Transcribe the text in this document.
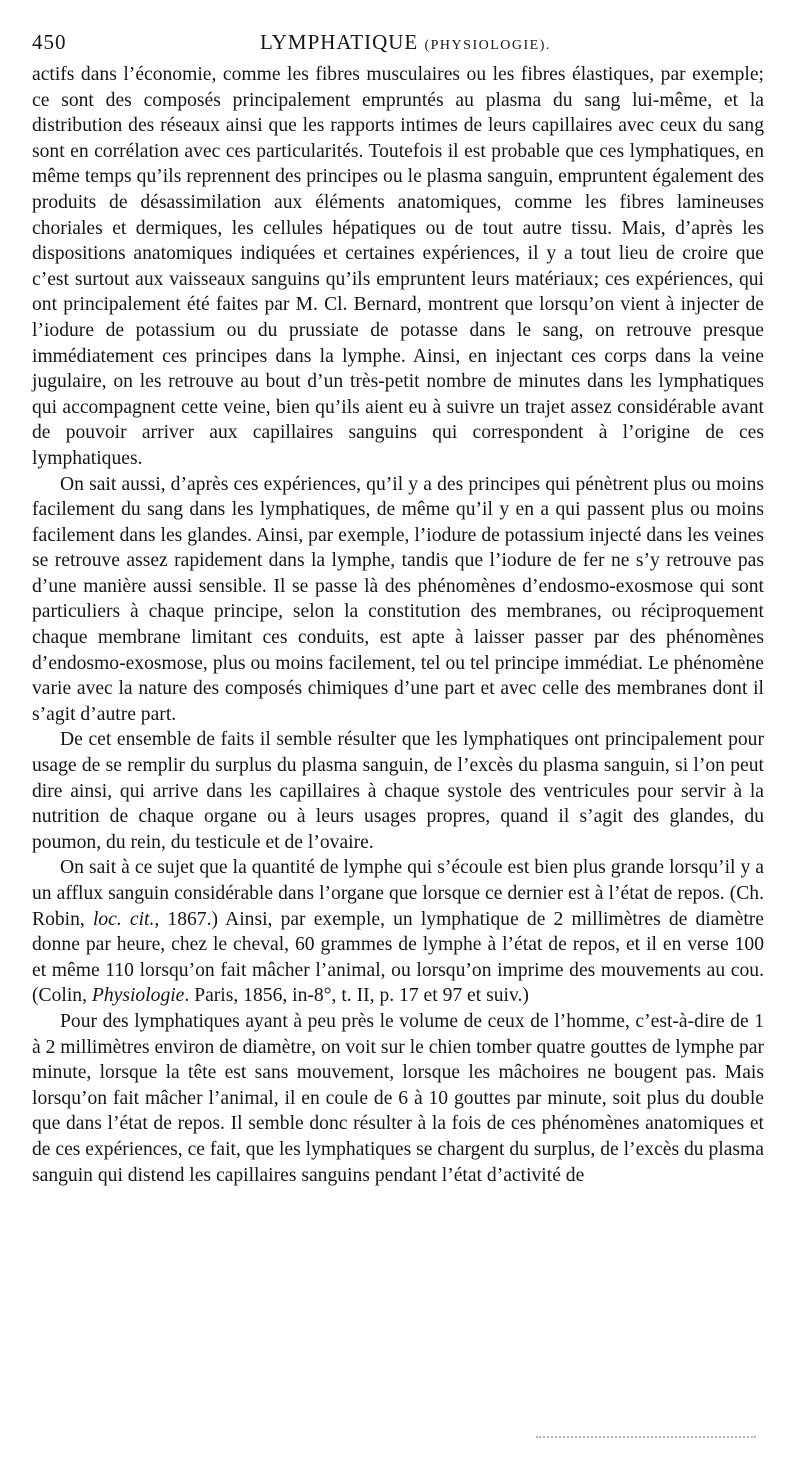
450	LYMPHATIQUE (PHYSIOLOGIE).

actifs dans l’économie, comme les fibres musculaires ou les fibres élastiques, par exemple; ce sont des composés principalement empruntés au plasma du sang lui-même, et la distribution des réseaux ainsi que les rapports intimes de leurs capillaires avec ceux du sang sont en corrélation avec ces particularités. Toutefois il est probable que ces lymphatiques, en même temps qu’ils reprennent des principes ou le plasma sanguin, empruntent également des produits de désassimilation aux éléments anatomiques, comme les fibres lamineuses choriales et dermiques, les cellules hépatiques ou de tout autre tissu. Mais, d’après les dispositions anatomiques indiquées et certaines expériences, il y a tout lieu de croire que c’est surtout aux vaisseaux sanguins qu’ils empruntent leurs matériaux; ces expériences, qui ont principalement été faites par M. Cl. Bernard, montrent que lorsqu’on vient à injecter de l’iodure de potassium ou du prussiate de potasse dans le sang, on retrouve presque immédiatement ces principes dans la lymphe. Ainsi, en injectant ces corps dans la veine jugulaire, on les retrouve au bout d’un très-petit nombre de minutes dans les lymphatiques qui accompagnent cette veine, bien qu’ils aient eu à suivre un trajet assez considérable avant de pouvoir arriver aux capillaires sanguins qui correspondent à l’origine de ces lymphatiques.

On sait aussi, d’après ces expériences, qu’il y a des principes qui pénètrent plus ou moins facilement du sang dans les lymphatiques, de même qu’il y en a qui passent plus ou moins facilement dans les glandes. Ainsi, par exemple, l’iodure de potassium injecté dans les veines se retrouve assez rapidement dans la lymphe, tandis que l’iodure de fer ne s’y retrouve pas d’une manière aussi sensible. Il se passe là des phénomènes d’endosmo-exosmose qui sont particuliers à chaque principe, selon la constitution des membranes, ou réciproquement chaque membrane limitant ces conduits, est apte à laisser passer par des phénomènes d’endosmo-exosmose, plus ou moins facilement, tel ou tel principe immédiat. Le phénomène varie avec la nature des composés chimiques d’une part et avec celle des membranes dont il s’agit d’autre part.

De cet ensemble de faits il semble résulter que les lymphatiques ont principalement pour usage de se remplir du surplus du plasma sanguin, de l’excès du plasma sanguin, si l’on peut dire ainsi, qui arrive dans les capillaires à chaque systole des ventricules pour servir à la nutrition de chaque organe ou à leurs usages propres, quand il s’agit des glandes, du poumon, du rein, du testicule et de l’ovaire.

On sait à ce sujet que la quantité de lymphe qui s’écoule est bien plus grande lorsqu’il y a un afflux sanguin considérable dans l’organe que lorsque ce dernier est à l’état de repos. (Ch. Robin, loc. cit., 1867.) Ainsi, par exemple, un lymphatique de 2 millimètres de diamètre donne par heure, chez le cheval, 60 grammes de lymphe à l’état de repos, et il en verse 100 et même 110 lorsqu’on fait mâcher l’animal, ou lorsqu’on imprime des mouvements au cou. (Colin, Physiologie. Paris, 1856, in-8°, t. II, p. 17 et 97 et suiv.)

Pour des lymphatiques ayant à peu près le volume de ceux de l’homme, c’est-à-dire de 1 à 2 millimètres environ de diamètre, on voit sur le chien tomber quatre gouttes de lymphe par minute, lorsque la tête est sans mouvement, lorsque les mâchoires ne bougent pas. Mais lorsqu’on fait mâcher l’animal, il en coule de 6 à 10 gouttes par minute, soit plus du double que dans l’état de repos. Il semble donc résulter à la fois de ces phénomènes anatomiques et de ces expériences, ce fait, que les lymphatiques se chargent du surplus, de l’excès du plasma sanguin qui distend les capillaires sanguins pendant l’état d’activité de
